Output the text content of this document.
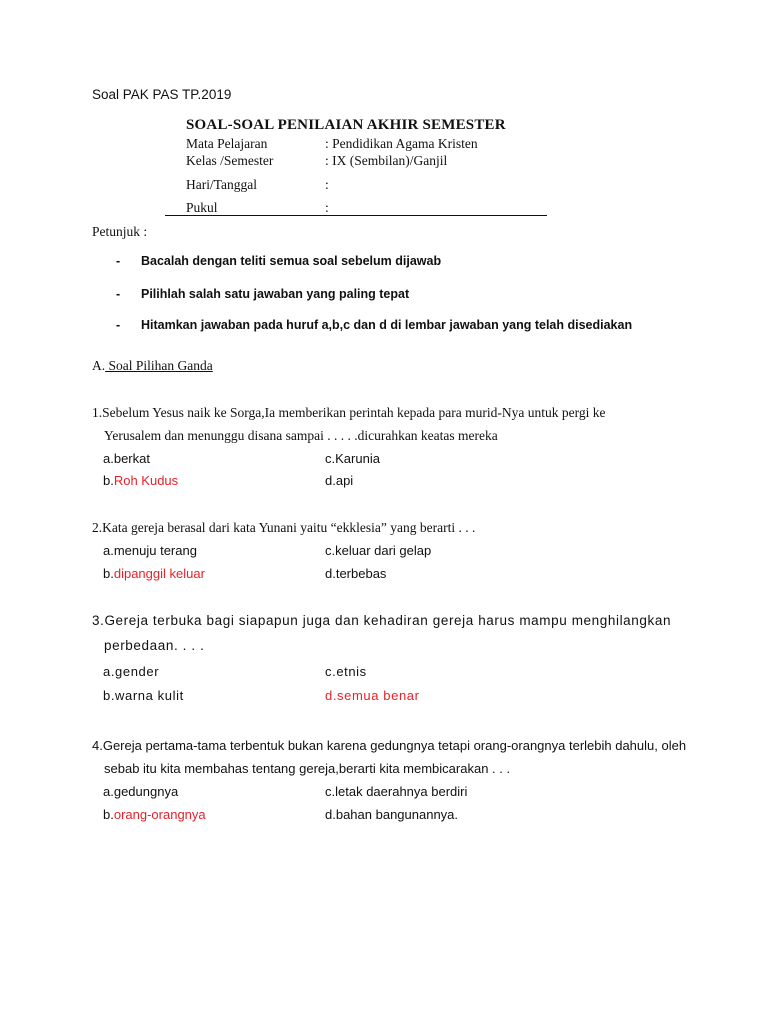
Soal PAK PAS TP.2019
SOAL-SOAL PENILAIAN AKHIR SEMESTER
Mata Pelajaran	: Pendidikan Agama Kristen
Kelas /Semester	: IX (Sembilan)/Ganjil
Hari/Tanggal	:
Pukul	:
Petunjuk :
- Bacalah dengan teliti semua soal sebelum dijawab
- Pilihlah salah satu jawaban yang paling tepat
- Hitamkan jawaban pada huruf a,b,c dan d di lembar jawaban yang telah disediakan
A. Soal Pilihan Ganda
1.Sebelum Yesus naik ke Sorga,Ia memberikan perintah kepada para murid-Nya untuk pergi ke
Yerusalem dan menunggu disana sampai . . . . .dicurahkan keatas mereka
a.berkat	c.Karunia
b.Roh Kudus	d.api
2.Kata gereja berasal dari kata Yunani yaitu “ekklesia” yang berarti . . .
a.menuju terang	c.keluar dari gelap
b.dipanggil keluar	d.terbebas
3.Gereja terbuka bagi siapapun juga dan kehadiran gereja harus mampu menghilangkan
perbedaan. . . .
a.gender	c.etnis
b.warna kulit	d.semua benar
4.Gereja pertama-tama terbentuk bukan karena gedungnya tetapi orang-orangnya terlebih dahulu, oleh
sebab itu kita membahas tentang gereja,berarti kita membicarakan . . .
a.gedungnya	c.letak daerahnya berdiri
b.orang-orangnya	d.bahan bangunannya.
